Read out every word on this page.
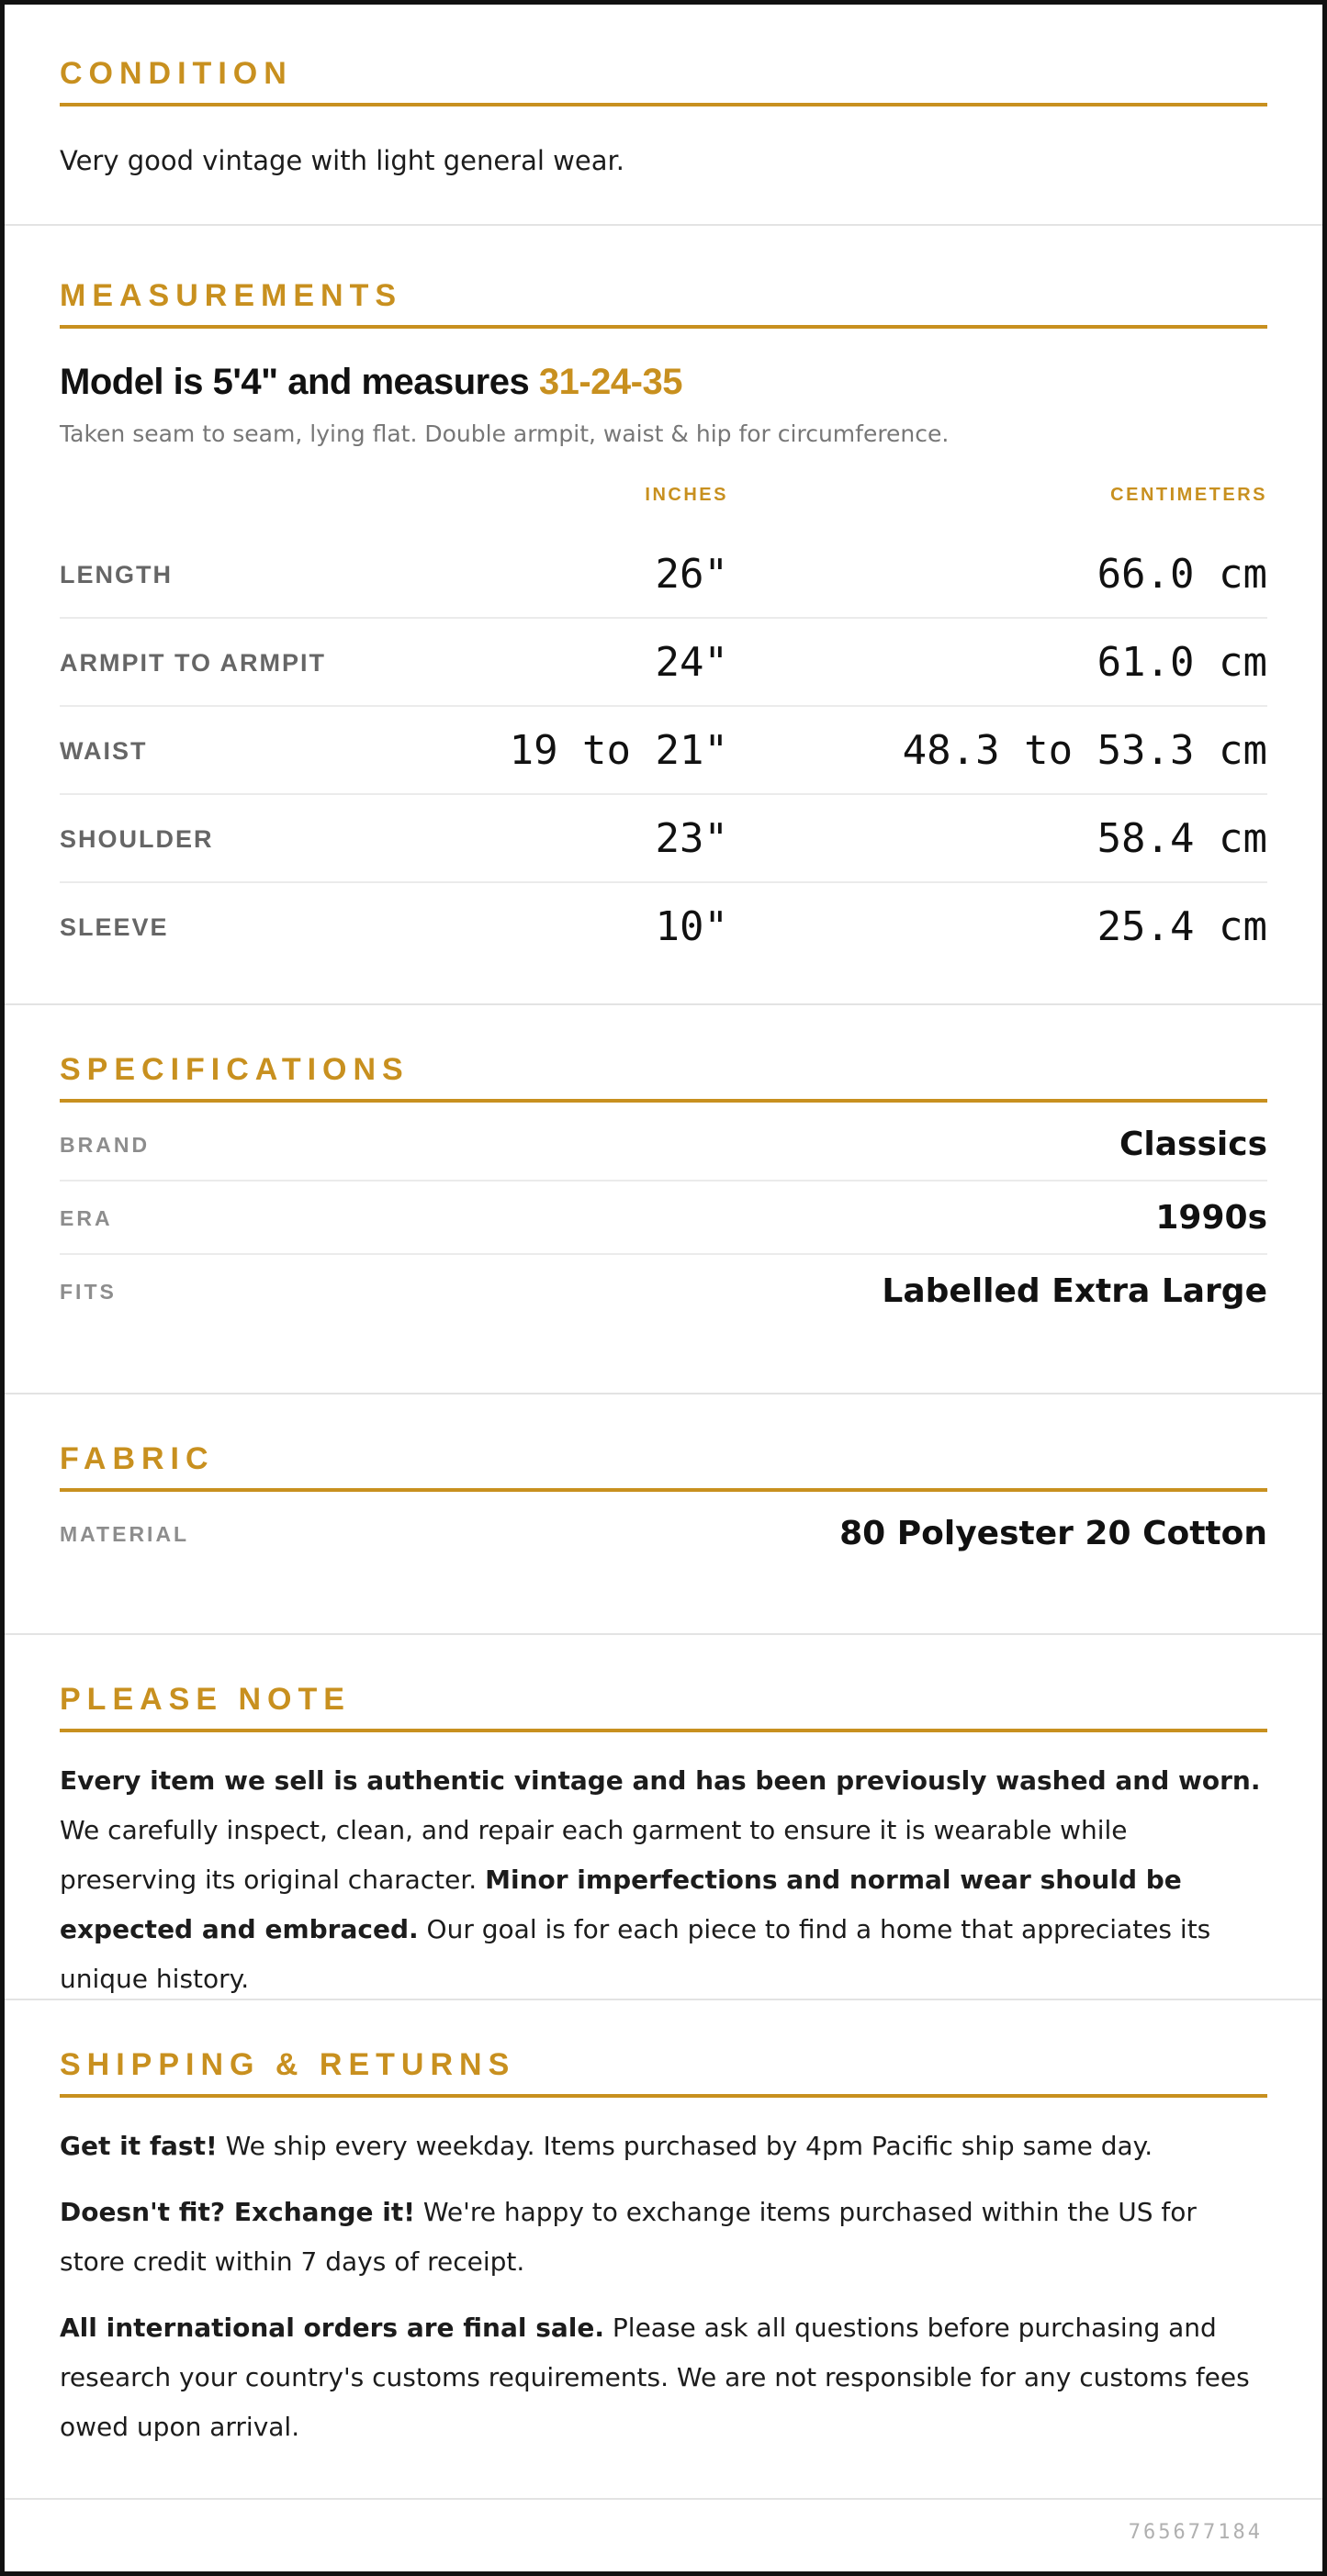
CONDITION
Very good vintage with light general wear.
MEASUREMENTS
Model is 5'4" and measures 31-24-35
Taken seam to seam, lying flat. Double armpit, waist & hip for circumference.
INCHES	CENTIMETERS
LENGTH	26"	66.0 cm
ARMPIT TO ARMPIT	24"	61.0 cm
WAIST	19 to 21"	48.3 to 53.3 cm
SHOULDER	23"	58.4 cm
SLEEVE	10"	25.4 cm
SPECIFICATIONS
BRAND	Classics
ERA	1990s
FITS	Labelled Extra Large
FABRIC
MATERIAL	80 Polyester 20 Cotton
PLEASE NOTE

Every item we sell is authentic vintage and has been previously washed and worn. We carefully inspect, clean, and repair each garment to ensure it is wearable while preserving its original character. Minor imperfections and normal wear should be expected and embraced. Our goal is for each piece to find a home that appreciates its unique history.

SHIPPING & RETURNS

Get it fast! We ship every weekday. Items purchased by 4pm Pacific ship same day.

Doesn't fit? Exchange it! We're happy to exchange items purchased within the US for store credit within 7 days of receipt.

All international orders are final sale. Please ask all questions before purchasing and research your country's customs requirements. We are not responsible for any customs fees owed upon arrival.

765677184
